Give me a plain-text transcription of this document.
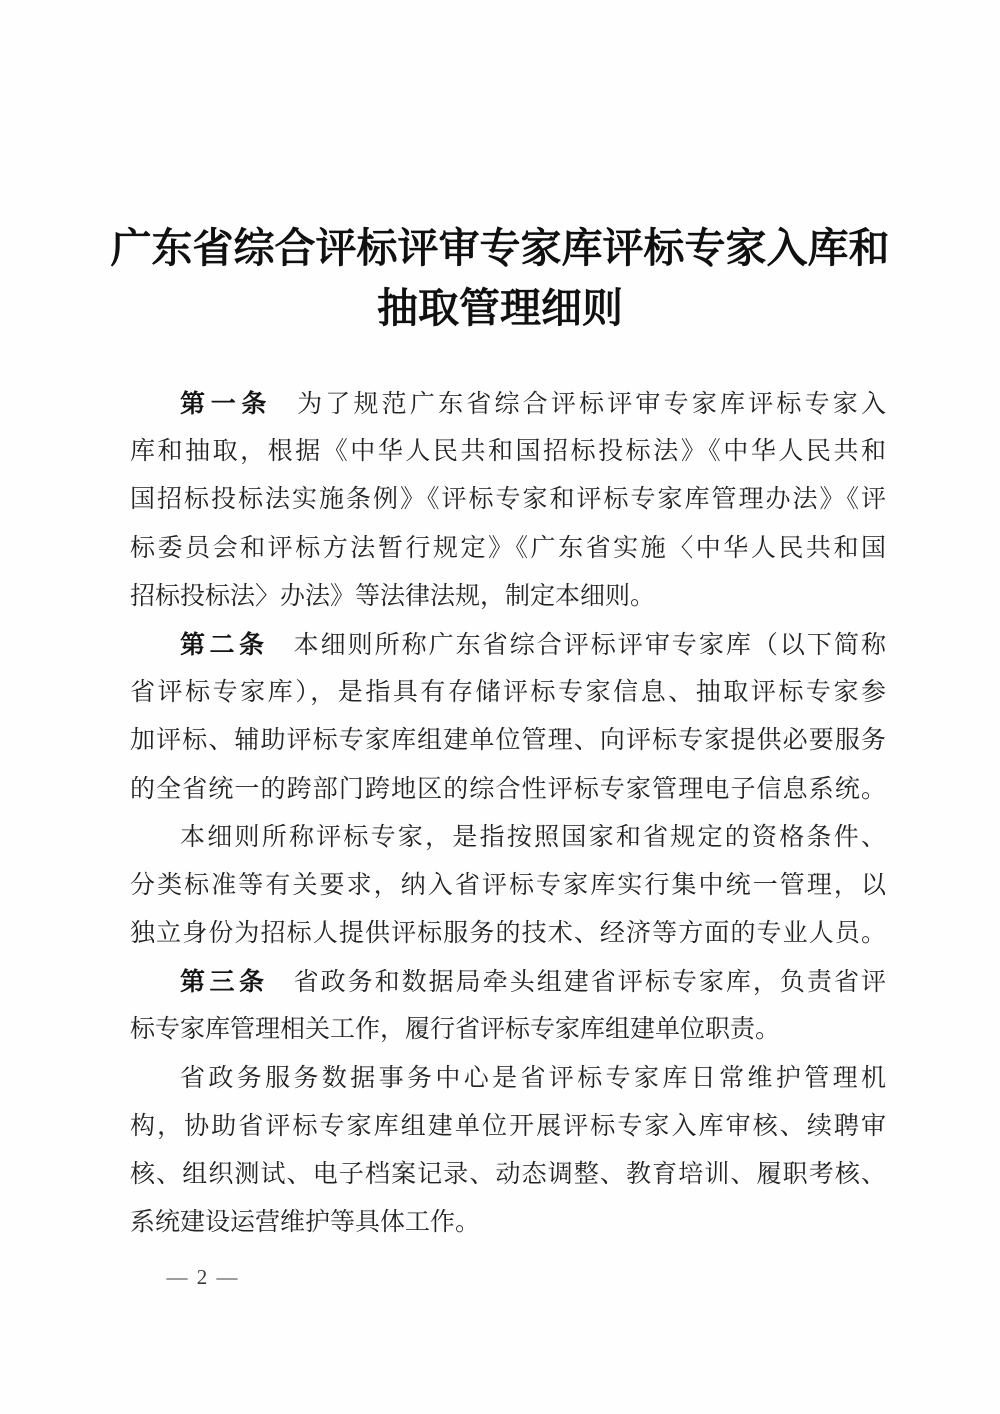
广东省综合评标评审专家库评标专家入库和
抽取管理细则
第一条 为了规范广东省综合评标评审专家库评标专家入
库和抽取，根据《中华人民共和国招标投标法》《中华人民共和
国招标投标法实施条例》《评标专家和评标专家库管理办法》《评
标委员会和评标方法暂行规定》《广东省实施〈中华人民共和国
招标投标法〉办法》等法律法规，制定本细则。
第二条 本细则所称广东省综合评标评审专家库（以下简称
省评标专家库），是指具有存储评标专家信息、抽取评标专家参
加评标、辅助评标专家库组建单位管理、向评标专家提供必要服务
的全省统一的跨部门跨地区的综合性评标专家管理电子信息系统。
本细则所称评标专家，是指按照国家和省规定的资格条件、
分类标准等有关要求，纳入省评标专家库实行集中统一管理，以
独立身份为招标人提供评标服务的技术、经济等方面的专业人员。
第三条 省政务和数据局牵头组建省评标专家库，负责省评
标专家库管理相关工作，履行省评标专家库组建单位职责。
省政务服务数据事务中心是省评标专家库日常维护管理机
构，协助省评标专家库组建单位开展评标专家入库审核、续聘审
核、组织测试、电子档案记录、动态调整、教育培训、履职考核、
系统建设运营维护等具体工作。
— 2 —
